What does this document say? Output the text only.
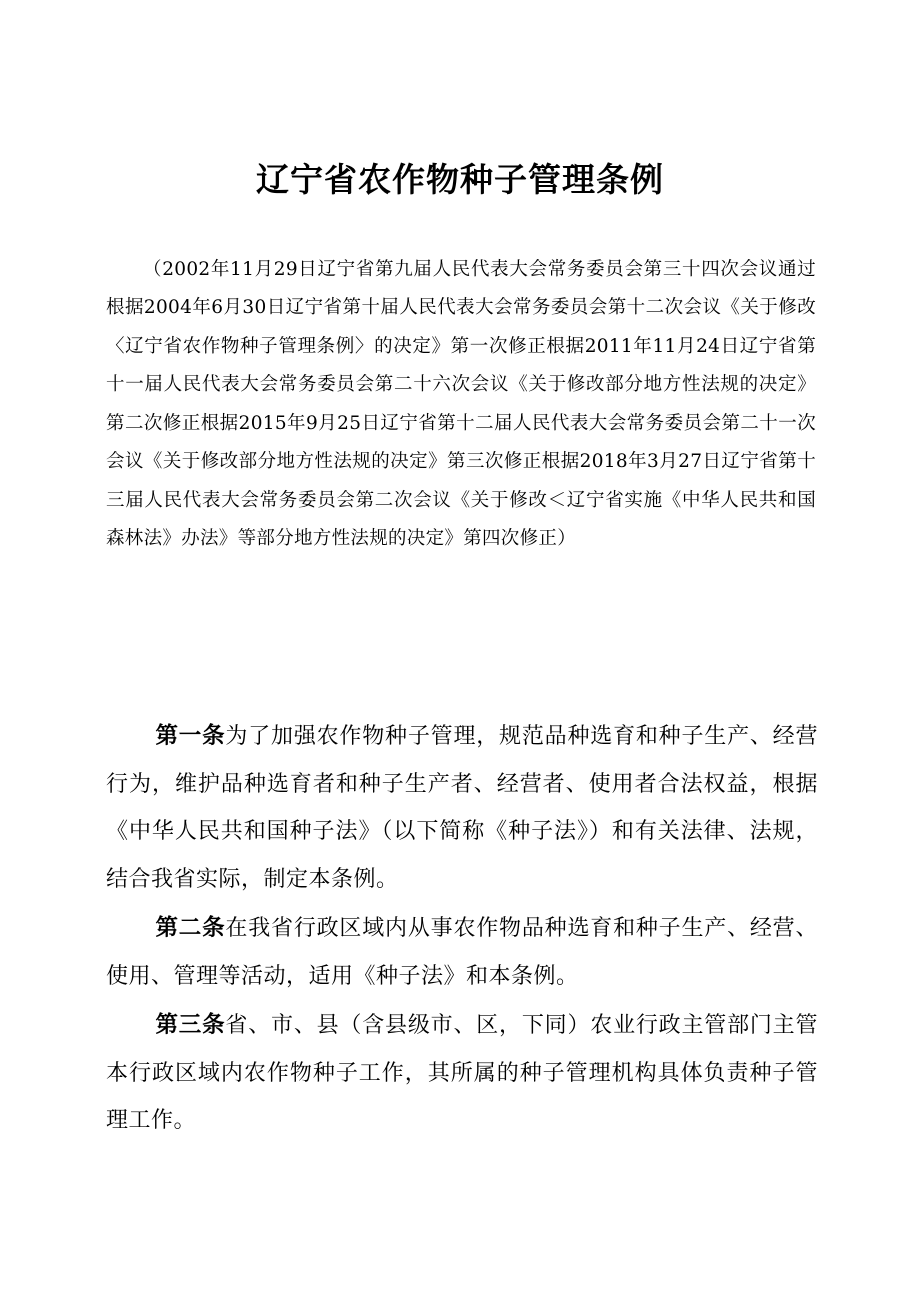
辽宁省农作物种子管理条例

（2002年11月29日辽宁省第九届人民代表大会常务委员会第三十四次会议通过根据2004年6月30日辽宁省第十届人民代表大会常务委员会第十二次会议《关于修改〈辽宁省农作物种子管理条例〉的决定》第一次修正根据2011年11月24日辽宁省第十一届人民代表大会常务委员会第二十六次会议《关于修改部分地方性法规的决定》第二次修正根据2015年9月25日辽宁省第十二届人民代表大会常务委员会第二十一次会议《关于修改部分地方性法规的决定》第三次修正根据2018年3月27日辽宁省第十三届人民代表大会常务委员会第二次会议《关于修改＜辽宁省实施《中华人民共和国森林法》办法》等部分地方性法规的决定》第四次修正）

第一条为了加强农作物种子管理，规范品种选育和种子生产、经营行为，维护品种选育者和种子生产者、经营者、使用者合法权益，根据《中华人民共和国种子法》（以下简称《种子法》）和有关法律、法规，结合我省实际，制定本条例。

第二条在我省行政区域内从事农作物品种选育和种子生产、经营、使用、管理等活动，适用《种子法》和本条例。

第三条省、市、县（含县级市、区，下同）农业行政主管部门主管本行政区域内农作物种子工作，其所属的种子管理机构具体负责种子管理工作。
